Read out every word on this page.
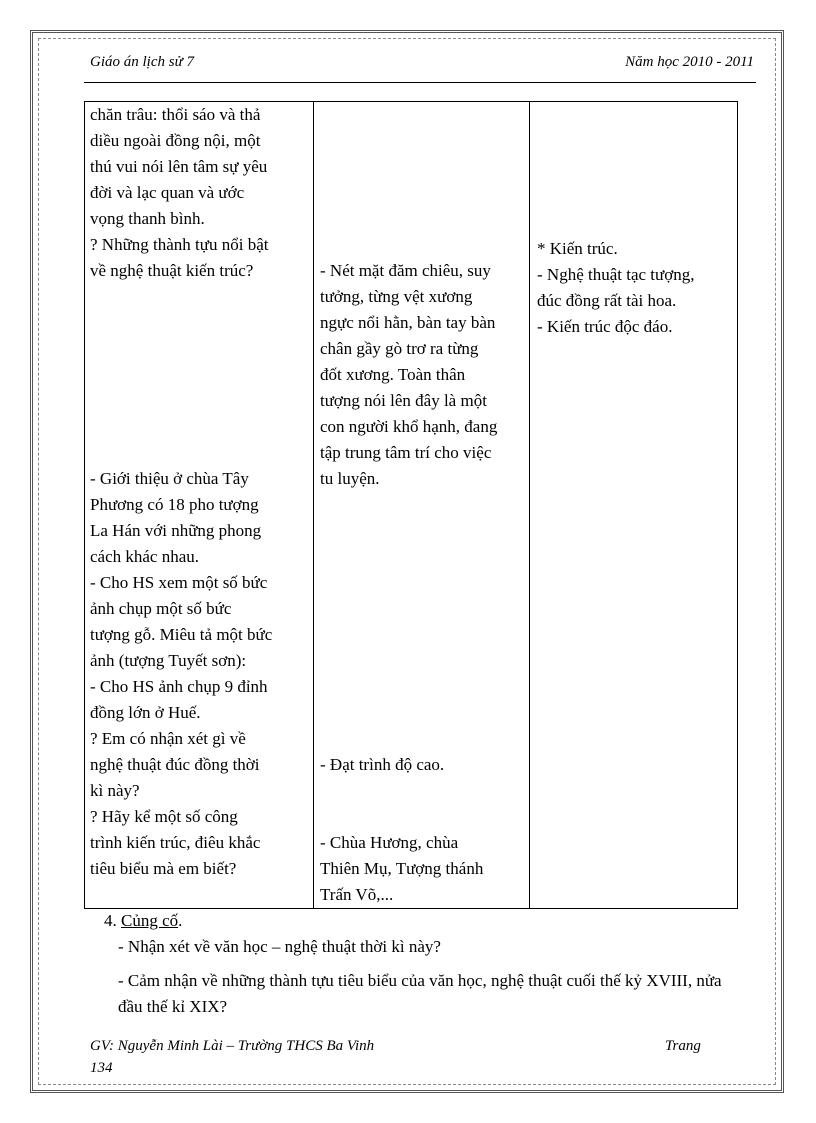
Giáo án lịch sử 7	Năm học 2010 - 2011
chăn trâu: thổi sáo và thả
diều ngoài đồng nội, một
thú vui nói lên tâm sự yêu
đời và lạc quan và ước
vọng thanh bình.
? Những thành tựu nổi bật
về nghệ thuật kiến trúc?
- Giới thiệu ở chùa Tây
Phương có 18 pho tượng
La Hán với những phong
cách khác nhau.
- Cho HS xem một số bức
ảnh chụp một số bức
tượng gỗ. Miêu tả một bức
ảnh (tượng Tuyết sơn):
- Cho HS ảnh chụp 9 đỉnh
đồng lớn ở Huế.
? Em có nhận xét gì về
nghệ thuật đúc đồng thời
kì này?
? Hãy kể một số công
trình kiến trúc, điêu khắc
tiêu biểu mà em biết?
- Nét mặt đăm chiêu, suy
tưởng, từng vệt xương
ngực nổi hằn, bàn tay bàn
chân gầy gò trơ ra từng
đốt xương. Toàn thân
tượng nói lên đây là một
con người khổ hạnh, đang
tập trung tâm trí cho việc
tu luyện.
- Đạt trình độ cao.
- Chùa Hương, chùa
Thiên Mụ, Tượng thánh
Trấn Võ,...
* Kiến trúc.
- Nghệ thuật tạc tượng,
đúc đồng rất tài hoa.
- Kiến trúc độc đáo.
4. Củng cố.
- Nhận xét về văn học – nghệ thuật thời kì này?
- Cảm nhận về những thành tựu tiêu biểu của văn học, nghệ thuật cuối thế kỷ XVIII, nửa đầu thế kỉ XIX?
GV: Nguyễn Minh Lài – Trường THCS Ba Vinh
134
Trang
